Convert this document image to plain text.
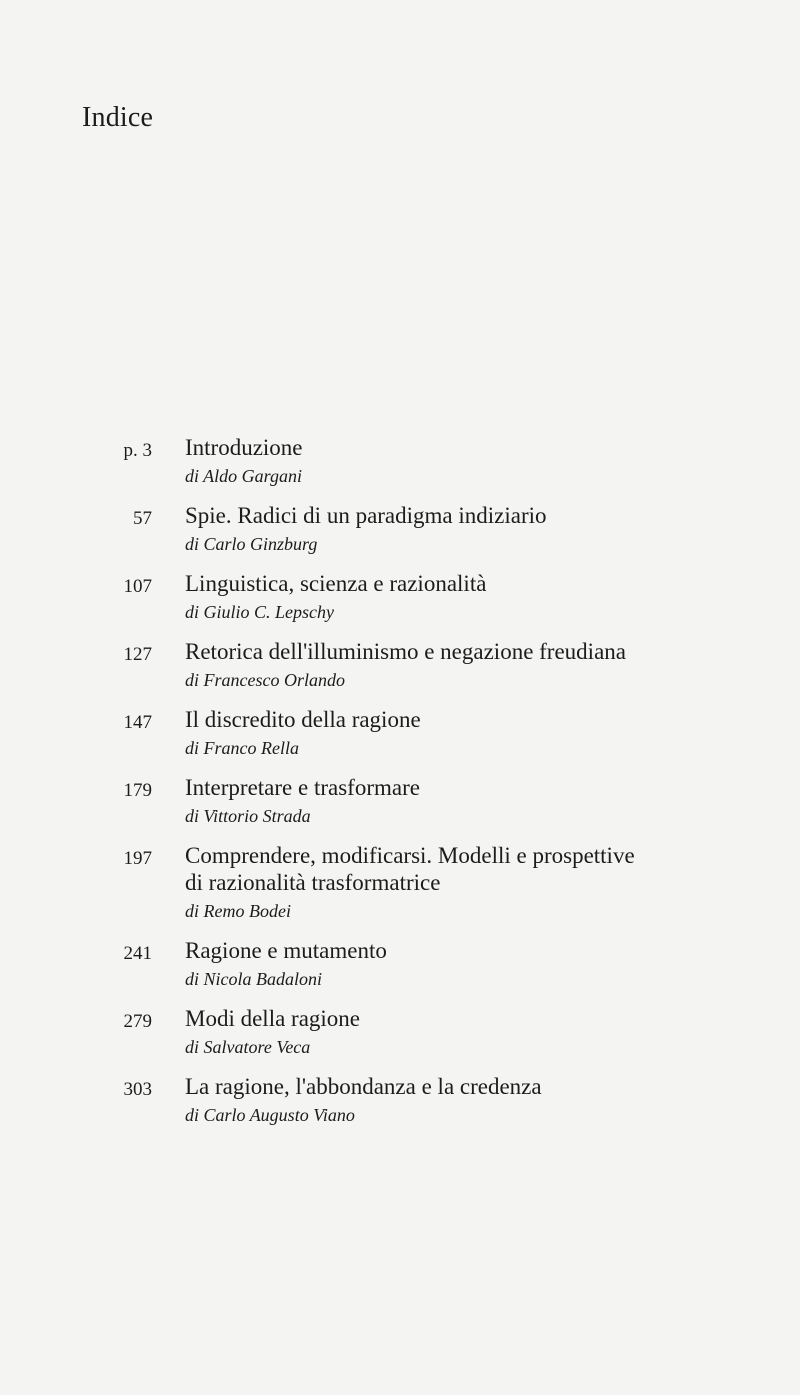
Indice
p. 3 Introduzione
di Aldo Gargani
57 Spie. Radici di un paradigma indiziario
di Carlo Ginzburg
107 Linguistica, scienza e razionalità
di Giulio C. Lepschy
127 Retorica dell'illuminismo e negazione freudiana
di Francesco Orlando
147 Il discredito della ragione
di Franco Rella
179 Interpretare e trasformare
di Vittorio Strada
197 Comprendere, modificarsi. Modelli e prospettive
di razionalità trasformatrice
di Remo Bodei
241 Ragione e mutamento
di Nicola Badaloni
279 Modi della ragione
di Salvatore Veca
303 La ragione, l'abbondanza e la credenza
di Carlo Augusto Viano
